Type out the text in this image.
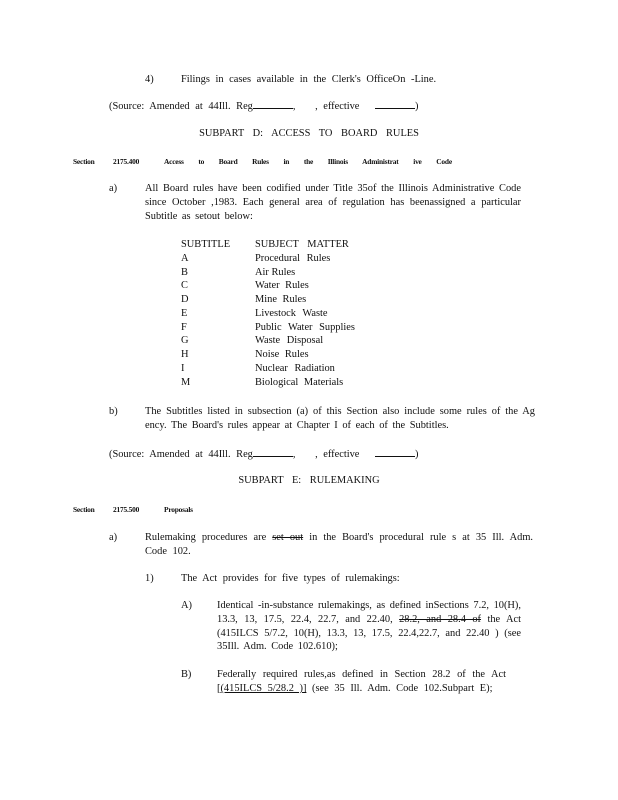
4)	Filings in cases available in the Clerk's OfficeOn -Line.
(Source: Amended at 44Ill. Reg	, , effective	)
SUBPART D: ACCESS TO BOARD RULES
Section 2175.400	Access to Board Rules in the Illinois Administrat ive Code
a)	All Board rules have been codified under Title 35of the Illinois Administrative Code since October ,1983. Each general area of regulation has beenassigned a particular Subtitle as setout below:
SUBTITLE SUBJECT MATTER
A	Procedural Rules
B	Air Rules
C	Water Rules
D	Mine Rules
E	Livestock Waste
F	Public Water Supplies
G	Waste Disposal
H	Noise Rules
I	Nuclear Radiation
M	Biological Materials
b)	The Subtitles listed in subsection (a) of this Section also include some rules of the Ag ency. The Board's rules appear at Chapter I of each of the Subtitles.
(Source: Amended at 44Ill. Reg	, , effective	)
SUBPART E: RULEMAKING
Section 2175.500	Proposals
a)	Rulemaking procedures are set out in the Board's procedural rule s at 35 Ill. Adm. Code 102.
1)	The Act provides for five types of rulemakings:
A) Identical -in-substance rulemakings, as defined inSections 7.2, 10(H), 13.3, 13, 17.5, 22.4, 22.7, and 22.40, 28.2, and 28.4 of the Act (415ILCS 5/7.2, 10(H), 13.3, 13, 17.5, 22.4,22.7, and 22.40 ) (see 35Ill. Adm. Code 102.610);
B) Federally required rules,as defined in Section 28.2 of the Act
[(415ILCS 5/28.2 )] (see 35 Ill. Adm. Code 102.Subpart E);
